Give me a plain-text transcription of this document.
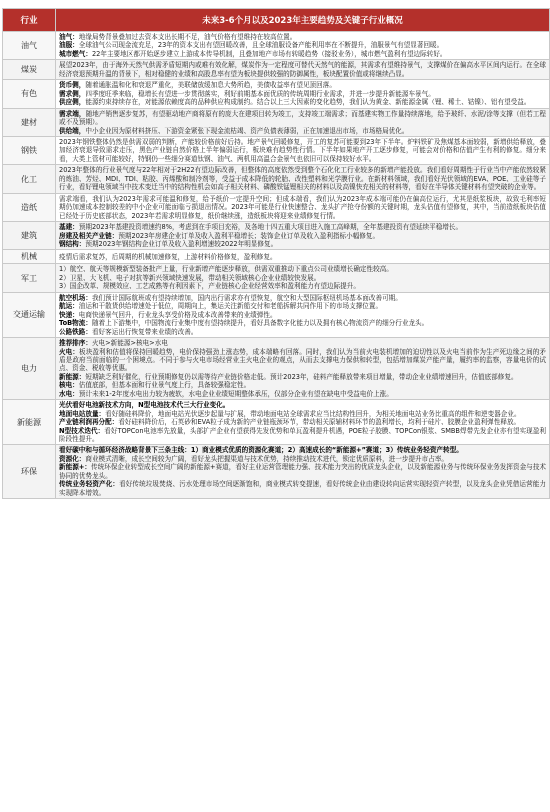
行业	未来3-6个月以及2023年主要趋势及关键子行业概况
油气	油气：地缘局势背景叠加过去资本支出长期不足，油气价格有望维持在较高位置。
油服：全球油气公司现金流充足，23年的资本支出有望回暖改善，且全球油服设备产能利用率在不断提升，油服景气有望显著回暖。
城市燃气：22年主要地区都开始逐步建立上游成本传导机制，且叠加地产市场有转暖趋势（接驳业务），城市燃气盈利有望边际转好。

煤炭	展望2023年，由于海外天然气供需矛盾短期内或难有效化解，煤炭作为一定程度可替代天然气的能源，其需求有望维持景气，支撑煤价在偏高水平区间内运行。在全球经济衰退预期升温的背景下，相对稳健的业绩和高股息率有望为板块提供较强的防御属性，板块配置价值或将继续凸显。

有色	货币侧，随着通胀温和化和衰退严重化，美联储放缓加息大势所趋，美债收益率有望见顶回落。
需求侧，四季度旺季来临，稳增长有望进一步贯彻落实，利好前期基本面优质的传统周期行业需求，并进一步提升新能源车景气。
供应侧，能源约束持续存在，对能源依赖度高的品种供应构成制约。结合以上三大因素的变化趋势，我们认为黄金、新能源金属（锂、稀土、钴镍）、铝有望受益。

建材	需求端，随地产销售逐步复苏，有望驱动地产商将原有的庞大在建项目转为竣工，支持竣工端需求；而基建实物工作量持续落地，给予玻纤、水泥/涂等支撑（但若工程或不及预期）。
供给端，中小企业因为原材料挤压、下游资金紧张下现金流枯竭、资产负债表薄弱，正在加速退出市场，市场格局优化。

钢铁	2023年钢铁整体仍然是供需双弱的判断，产能较价格前好后持。地产景气回暖修复，开工的复苏可能要到23年下半年。炉料铁矿及焦煤基本面较弱，新增供给释放，叠加经济衰退导致需求走压，黑色产业链自然价格上半年偏弱运行，板块难有趋势性行情。下半年如果地产开工逐步修复，可能会对价格和估值产生有利的修复。细分来看，大类上管材可能较好，特钢仍一些细分赛道钛钢、油气、两机用高温合金景气也依旧可以保持较好水平。

化工	2023年整体的行业景气度与22年相对于2H22有望边际改善，但整体的高度依然受到整个石化化工行业较多的新增产能投放。我们看好周期性于行业当中产能依然较紧的炼油、芳烃、MDI、TDI、粘胶、丙烯酸和制冷剂等，受益于成本降低的轮胎、改性塑料和光学膜行业。在新材料领域，我们看好光伏领域的EVA、POE、工业硅等子行业，看好锂电领域当中技术变迁当中的结构性机会如高子相关材料、磷酸铁锰锂相关的材料以及高镍快充相关的材料等，看好在半导体关键材料有望突破的企业等。

造纸	需求端看，我们认为2023年需求可能温和修复，给予纸价一定提升空间；但成本端看，我们认为2023年成本端可能仍在偏高位运行，尤其是纸浆板块，故致毛利率短期仍加速成本控制较差的中小企业可能面临亏损退出情况。2023年可能是行业快速整合、龙头扩产抢夺份额的关键时期，龙头估值有望修复，其中，当前造纸板块估值已经处于历史底部状态，2023年若需求明显修复，纸价继续涨，造纸板块将迎来业绩修复行情。

建筑	基建：预期2023年基建投资增速约8%，考虑到在手项目充裕，及各地十四五重大项目进入施工高峰期，全年基建投资有望延续平稳增长。
房建及相关产业链：预期2023年房建企业订单及收入盈利平稳增长；装饰企业订单及收入盈利指标小幅修复。
钢结构：预期2023年钢结构企业订单及收入盈利增速较2022年明显修复。

机械	疫情后需求复苏，后周期的机械加速修复，上游材料价格修复，盈利修复。

军工	1）航空、航天等规模新型装备批产上量，行业新增产能逐步释放，供需双重推动下重点公司业绩增长确定性较高。
2）卫星、大飞机、电子对抗等新兴领域快速发展，带动相关领域核心企业业绩较快发展。
3）国企改革、规模效应、工艺成熟等有利因素下，产业链核心企业经营效率和盈利能力有望边际提升。

交通运输	航空机场：我们预计国际航班或有望持续增加，国内出行需求亦有望恢复，航空和大型国际枢纽机场基本面改善可期。
航运：油运和干散货供给增速处于低位，周期向上，集运关注新船交付和老船拆解共同作用下的市场支撑位置。
快递：电商快递景气回升，行业龙头享受价格及成本改善带来的业绩弹性。
ToB物流：随着上下游集中，中国物流行业集中度有望持续提升，看好具备数字化能力以及拥有核心物流资产的细分行业龙头。
公路铁路：看好客运出行恢复带来业绩的改善。

电力	推荐排序：火电>新能源>核电>水电
火电：板块盈利和估值将保持回暖趋势，电价保持强劲上涨态势，成本端略有回落。同时，我们认为当前火电装机增加的迫切性以及火电当前作为生产死边缘之间的矛盾是政府当前面临的一个困境点。不同于参与火电市场经营业主火电企业的观点，从而去支撑电力保供和转型，包括增加煤炭产能产量，履约率的监察，容量电价的试点、资金、税收等优惠。
新能源：短期缺乏利好催化，行业预期修复仍以需等待产业链价格走低。预计2023年，硅料产能释放带来项目增量，带动企业业绩增速回升，估值底部修复。
核电：估值底部，但基本面和行业景气度上行，具备较强稳定性。
水电：预计未来1-2年度水电出力较为疲软，水电企业业绩短期整体承压，仅部分企业有望在缺电中受益电价上涨。

新能源	光伏看好电池新技术方向，N型电池技术代三大行业变化。
地面电站放量：看好随硅料降价，地面电站光伏逐步起量与扩展，带动地面电站全球需求应当比结构性回升，为相关地面电站业务比重高的组件和逆变器企业。
产业链利润再分配：看好硅料降价后，石英砂和EVA粒子成为新的产业链瓶颈环节，带动相关原辅材料环节的盈利增长，均利于硅片、胶膜企业盈利弹性释放。
N型技术迭代：看好TOPCon电池率先放量，头部扩产企业有望获得先发优势和单瓦盈利提升机遇，POE粒子胶膜、TOPCon银浆、SMBB焊带先发企业亦有望实现盈利阶段性提升。

环保	看好碳中和与循环经济战略背景下三条主线：1）商业模式优质的资源化赛道；2）高速成长的“新能源+”赛道；3）传统业务轻资产转型。
资源化：商业模式清晰，成长空间较为广阔，看好龙头把握渠道与技术优势，持续推动技术进代，锁定优质原料，进一步提升市占率。
新能源+：传统环保企业转型成长空间广阔的新能源+赛道，看好主业运营管理能力强、技术能力突出的优质龙头企业，以及新能源业务与传统环保业务发挥资金与技术协同的优势龙头。
传统业务轻资产化：看好传统垃圾焚烧、污水处理市场空间逐渐饱和，商业模式转变提速，看好传统企业由建设转向运营实现轻资产转型，以及龙头企业凭借运营能力实现降本增效。
